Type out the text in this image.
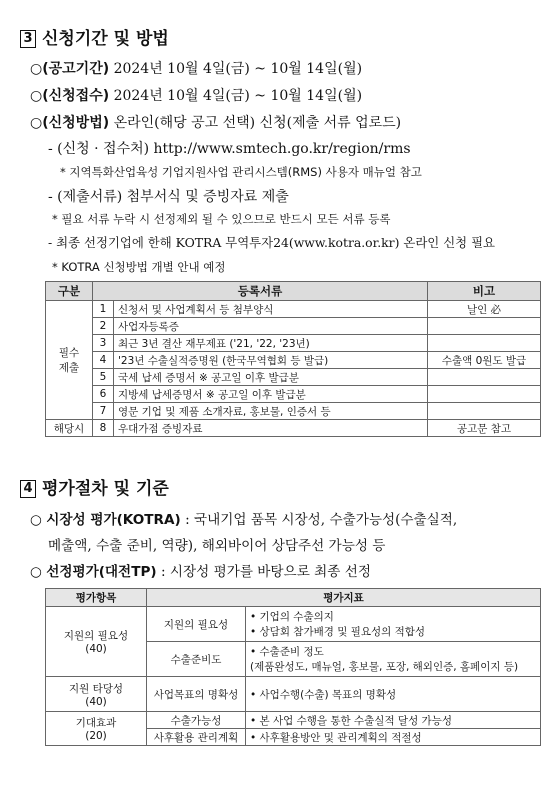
3 신청기간 및 방법
○(공고기간) 2024년 10월 4일(금) ~ 10월 14일(월)
○(신청접수) 2024년 10월 4일(금) ~ 10월 14일(월)
○(신청방법) 온라인(해당 공고 선택) 신청(제출 서류 업로드)
- (신청 · 접수처) http://www.smtech.go.kr/region/rms
* 지역특화산업육성 기업지원사업 관리시스템(RMS) 사용자 매뉴얼 참고
- (제출서류) 첨부서식 및 증빙자료 제출
* 필요 서류 누락 시 선정제외 될 수 있으므로 반드시 모든 서류 등록
- 최종 선정기업에 한해 KOTRA 무역투자24(www.kotra.or.kr) 온라인 신청 필요
* KOTRA 신청방법 개별 안내 예정
구분	등록서류		비고
필수
제출	1	신청서 및 사업계획서 등 첨부양식	날인 必
	2	사업자등록증	
	3	최근 3년 결산 재무제표 ('21, '22, '23년)	
	4	'23년 수출실적증명원 (한국무역협회 등 발급)	수출액 0원도 발급
	5	국세 납세 증명서 ※ 공고일 이후 발급분	
	6	지방세 납세증명서 ※ 공고일 이후 발급분	
	7	영문 기업 및 제품 소개자료, 홍보물, 인증서 등	
해당시	8	우대가점 증빙자료	공고문 참고
4 평가절차 및 기준
○ 시장성 평가(KOTRA) : 국내기업 품목 시장성, 수출가능성(수출실적,
메출액, 수출 준비, 역량), 해외바이어 상담주선 가능성 등
○ 선정평가(대전TP) : 시장성 평가를 바탕으로 최종 선정
평가항목	평가지표	
지원의 필요성
(40)	지원의 필요성	• 기업의 수출의지
• 상담회 참가배경 및 필요성의 적합성
	수출준비도	• 수출준비 정도
(제품완성도, 매뉴얼, 홍보물, 포장, 해외인증, 홈페이지 등)
지원 타당성
(40)	사업목표의 명확성	• 사업수행(수출) 목표의 명확성
기대효과
(20)	수출가능성	• 본 사업 수행을 통한 수출실적 달성 가능성
	사후활용 관리계획	• 사후활용방안 및 관리계획의 적절성
